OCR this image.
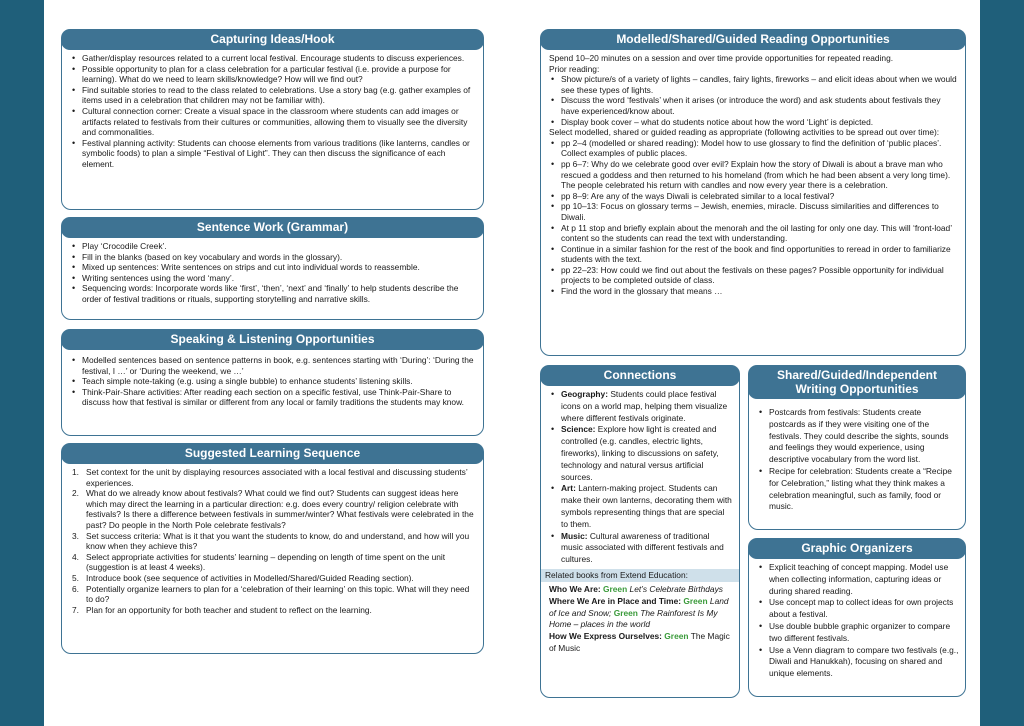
Capturing Ideas/Hook
• Gather/display resources related to a current local festival. Encourage students to discuss experiences.
• Possible opportunity to plan for a class celebration for a particular festival (i.e. provide a purpose for learning). What do we need to learn skills/knowledge? How will we find out?
• Find suitable stories to read to the class related to celebrations. Use a story bag (e.g. gather examples of items used in a celebration that children may not be familiar with).
• Cultural connection corner: Create a visual space in the classroom where students can add images or artifacts related to festivals from their cultures or communities, allowing them to visually see the diversity and commonalities.
• Festival planning activity: Students can choose elements from various traditions (like lanterns, candles or symbolic foods) to plan a simple “Festival of Light”. They can then discuss the significance of each element.
Sentence Work (Grammar)
• Play ‘Crocodile Creek’.
• Fill in the blanks (based on key vocabulary and words in the glossary).
• Mixed up sentences: Write sentences on strips and cut into individual words to reassemble.
• Writing sentences using the word ‘many’.
• Sequencing words: Incorporate words like ‘first’, ‘then’, ‘next’ and ‘finally’ to help students describe the order of festival traditions or rituals, supporting storytelling and narrative skills.
Speaking & Listening Opportunities
• Modelled sentences based on sentence patterns in book, e.g. sentences starting with ‘During’: ‘During the festival, I …’ or ‘During the weekend, we …’
• Teach simple note-taking (e.g. using a single bubble) to enhance students’ listening skills.
• Think-Pair-Share activities: After reading each section on a specific festival, use Think-Pair-Share to discuss how that festival is similar or different from any local or family traditions the students may know.
Suggested Learning Sequence
1. Set context for the unit by displaying resources associated with a local festival and discussing students’ experiences.
2. What do we already know about festivals? What could we find out? Students can suggest ideas here which may direct the learning in a particular direction: e.g. does every country/ religion celebrate with festivals? Is there a difference between festivals in summer/winter? What festivals were celebrated in the past? Do people in the North Pole celebrate festivals?
3. Set success criteria: What is it that you want the students to know, do and understand, and how will you know when they achieve this?
4. Select appropriate activities for students’ learning – depending on length of time spent on the unit (suggestion is at least 4 weeks).
5. Introduce book (see sequence of activities in Modelled/Shared/Guided Reading section).
6. Potentially organize learners to plan for a ‘celebration of their learning’ on this topic. What will they need to do?
7. Plan for an opportunity for both teacher and student to reflect on the learning.
Modelled/Shared/Guided Reading Opportunities

Spend 10–20 minutes on a session and over time provide opportunities for repeated reading.

Prior reading:

• Show picture/s of a variety of lights – candles, fairy lights, fireworks – and elicit ideas about when we would see these types of lights.
• Discuss the word ‘festivals’ when it arises (or introduce the word) and ask students about festivals they have experienced/know about.
• Display book cover – what do students notice about how the word ‘Light’ is depicted.

Select modelled, shared or guided reading as appropriate (following activities to be spread out over time):

• pp 2–4 (modelled or shared reading): Model how to use glossary to find the definition of ‘public places’. Collect examples of public places.
• pp 6–7: Why do we celebrate good over evil? Explain how the story of Diwali is about a brave man who rescued a goddess and then returned to his homeland (from which he had been absent a very long time). The people celebrated his return with candles and now every year there is a celebration.
• pp 8–9: Are any of the ways Diwali is celebrated similar to a local festival?
• pp 10–13: Focus on glossary terms – Jewish, enemies, miracle. Discuss similarities and differences to Diwali.
• At p 11 stop and briefly explain about the menorah and the oil lasting for only one day. This will ‘front-load’ content so the students can read the text with understanding.
• Continue in a similar fashion for the rest of the book and find opportunities to reread in order to familiarize students with the text.
• pp 22–23: How could we find out about the festivals on these pages? Possible opportunity for individual projects to be completed outside of class.
• Find the word in the glossary that means …
Connections
• Geography: Students could place festival icons on a world map, helping them visualize where different festivals originate.
• Science: Explore how light is created and controlled (e.g. candles, electric lights, fireworks), linking to discussions on safety, technology and natural versus artificial sources.
• Art: Lantern-making project. Students can make their own lanterns, decorating them with symbols representing things that are special to them.
• Music: Cultural awareness of traditional music associated with different festivals and cultures.
Related books from Extend Education:

Who We Are: Green Let’s Celebrate Birthdays

Where We Are in Place and Time: Green Land of Ice and Snow; Green The Rainforest Is My Home – places in the world

How We Express Ourselves: Green The Magic of Music

Shared/Guided/Independent
Writing Opportunities
• Postcards from festivals: Students create postcards as if they were visiting one of the festivals. They could describe the sights, sounds and feelings they would experience, using descriptive vocabulary from the word list.
• Recipe for celebration: Students create a “Recipe for Celebration,” listing what they think makes a celebration meaningful, such as family, food or music.
Graphic Organizers
• Explicit teaching of concept mapping. Model use when collecting information, capturing ideas or during shared reading.
• Use concept map to collect ideas for own projects about a festival.
• Use double bubble graphic organizer to compare two different festivals.
• Use a Venn diagram to compare two festivals (e.g., Diwali and Hanukkah), focusing on shared and unique elements.
